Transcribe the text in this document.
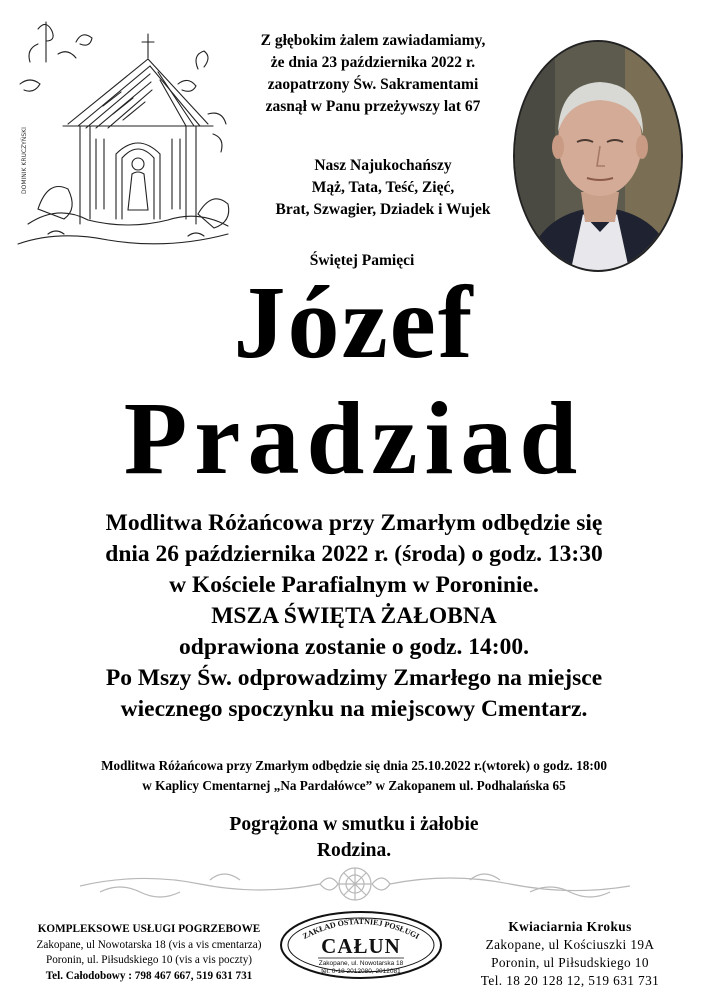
DOMINIK KRUCZYŃSKI
Z głębokim żalem zawiadamiamy,
że dnia 23 października 2022 r.
zaopatrzony Św. Sakramentami
zasnął w Panu przeżywszy lat 67
Nasz Najukochańszy
Mąż, Tata, Teść, Zięć,
Brat, Szwagier, Dziadek i Wujek
Świętej Pamięci
Józef
Pradziad
Modlitwa Różańcowa przy Zmarłym odbędzie się
dnia 26 października 2022 r. (środa) o godz. 13:30
w Kościele Parafialnym w Poroninie.
MSZA ŚWIĘTA ŻAŁOBNA
odprawiona zostanie o godz. 14:00.
Po Mszy Św. odprowadzimy Zmarłego na miejsce
wiecznego spoczynku na miejscowy Cmentarz.
Modlitwa Różańcowa przy Zmarłym odbędzie się dnia 25.10.2022 r.(wtorek) o godz. 18:00
w Kaplicy Cmentarnej „Na Pardałówce” w Zakopanem ul. Podhalańska 65
Pogrążona w smutku i żałobie
Rodzina.
KOMPLEKSOWE USŁUGI POGRZEBOWE
Zakopane, ul Nowotarska 18 (vis a vis cmentarza)
Poronin, ul. Piłsudskiego 10 (vis a vis poczty)
Tel. Całodobowy : 798 467 667, 519 631 731
ZAKŁAD OSTATNIEJ POSŁUGI
CAŁUN
Zakopane, ul. Nowotarska 18
tel. 0-18 2012080, 2012081
Kwiaciarnia Krokus
Zakopane, ul Kościuszki 19A
Poronin, ul Piłsudskiego 10
Tel. 18 20 128 12, 519 631 731
